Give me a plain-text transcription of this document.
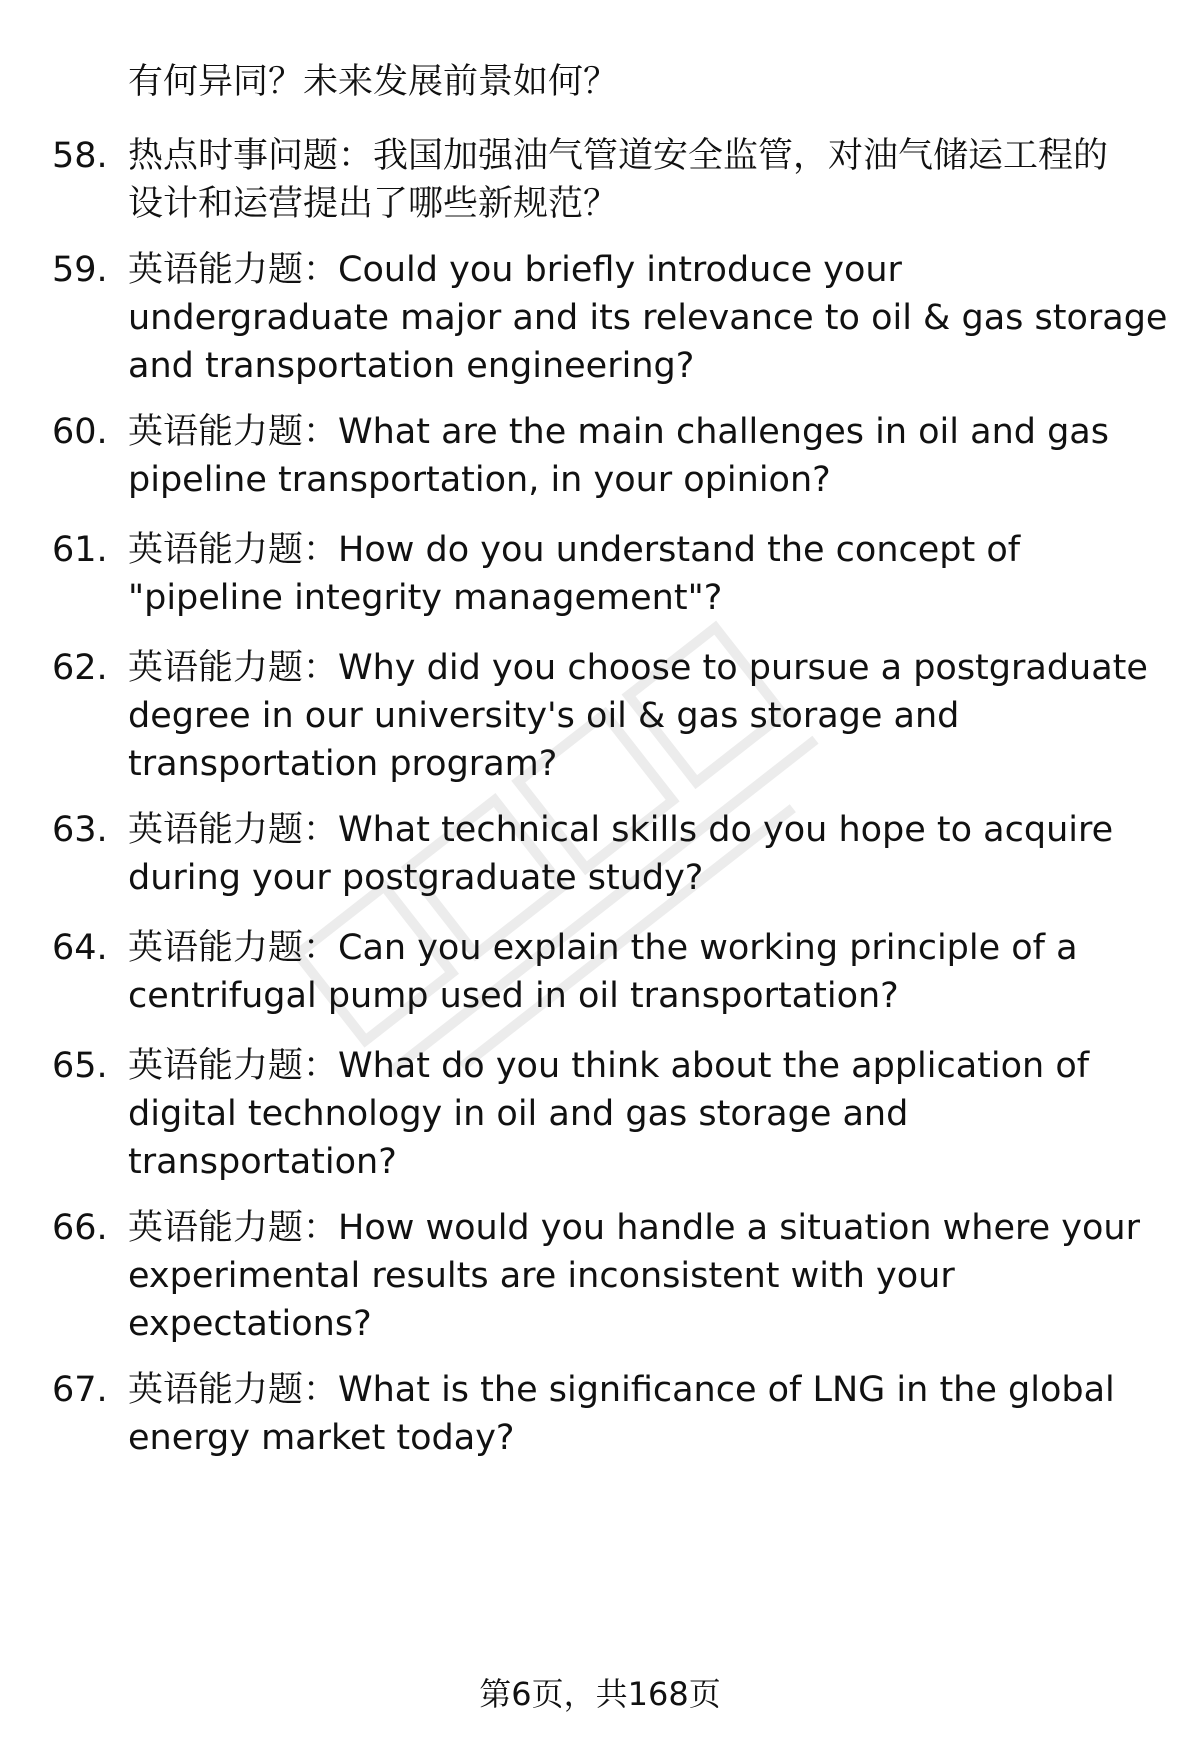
有何异同？未来发展前景如何？
58. 热点时事问题：我国加强油气管道安全监管，对油气储运工程的
设计和运营提出了哪些新规范？
59. 英语能力题：Could you briefly introduce your
undergraduate major and its relevance to oil & gas storage
and transportation engineering?
60. 英语能力题：What are the main challenges in oil and gas
pipeline transportation, in your opinion?
61. 英语能力题：How do you understand the concept of
"pipeline integrity management"?
62. 英语能力题：Why did you choose to pursue a postgraduate
degree in our university's oil & gas storage and
transportation program?
63. 英语能力题：What technical skills do you hope to acquire
during your postgraduate study?
64. 英语能力题：Can you explain the working principle of a
centrifugal pump used in oil transportation?
65. 英语能力题：What do you think about the application of
digital technology in oil and gas storage and
transportation?
66. 英语能力题：How would you handle a situation where your
experimental results are inconsistent with your
expectations?
67. 英语能力题：What is the significance of LNG in the global
energy market today?
第6页，共168页
